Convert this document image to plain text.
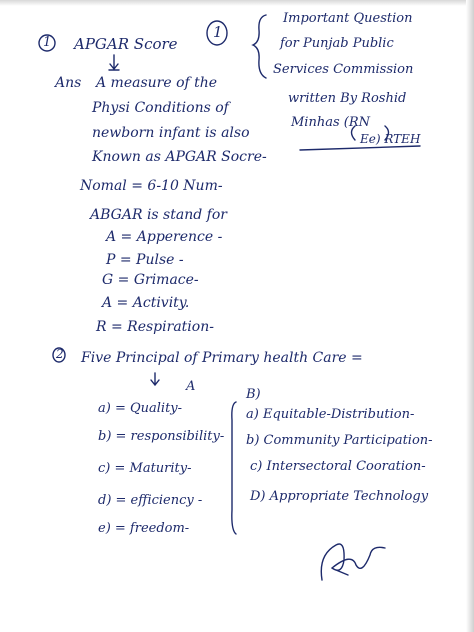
1
Important Question
for Punjab Public
Services Commission
written By Roshid
Minhas (RN
Ee) RTEH
1 APGAR Score
Ans A measure of the
Physi Conditions of
newborn infant is also
Known as APGAR Socre-
Nomal = 6-10 Num-
ABGAR is stand for
A = Apperence -
P = Pulse -
G = Grimace-
A = Activity.
R = Respiration-
2 Five Principal of Primary health Care =
A
B)
a) = Quality-
b) = responsibility-
c) = Maturity-
d) = efficiency -
e) = freedom-
a) Equitable-Distribution-
b) Community Participation-
c) Intersectoral Cooration-
D) Appropriate Technology
